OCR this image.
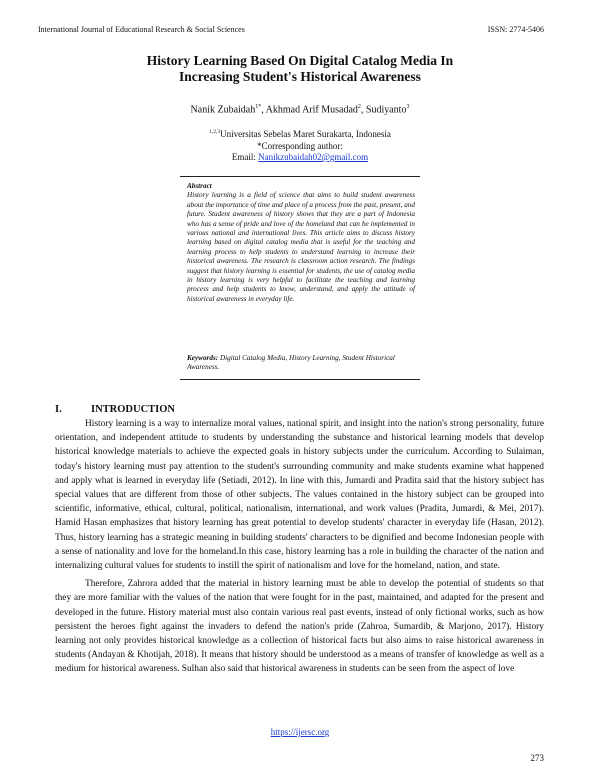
International Journal of Educational Research & Social Sciences	ISSN: 2774-5406
History Learning Based On Digital Catalog Media In
Increasing Student's Historical Awareness
Nanik Zubaidah$^{1*}$, Akhmad Arif Musadad$^2$, Sudiyanto$^3$
$^{1,2,3}$Universitas Sebelas Maret Surakarta, Indonesia
*Corresponding author:
Email: Nanikzubaidah02@gmail.com
Abstract
History learning is a field of science that aims to build student awareness about the importance of time and place of a process from the past, present, and future. Student awareness of history shows that they are a part of Indonesia who has a sense of pride and love of the homeland that can be implemented in various national and international lives. This article aims to discuss history learning based on digital catalog media that is useful for the teaching and learning process to help students to understand learning to increase their historical awareness. The research is classroom action research. The findings suggest that history learning is essential for students, the use of catalog media in history learning is very helpful to facilitate the teaching and learning process and help students to know, understand, and apply the attitude of historical awareness in everyday life.
Keywords: Digital Catalog Media, History Learning, Student Historical Awareness.
I.	INTRODUCTION

History learning is a way to internalize moral values, national spirit, and insight into the nation's strong personality, future orientation, and independent attitude to students by understanding the substance and historical learning models that develop historical knowledge materials to achieve the expected goals in history subjects under the curriculum. According to Sulaiman, today's history learning must pay attention to the student's surrounding community and make students examine what happened and apply what is learned in everyday life (Setiadi, 2012). In line with this, Jumardi and Pradita said that the history subject has special values that are different from those of other subjects. The values contained in the history subject can be grouped into scientific, informative, ethical, cultural, political, nationalism, international, and work values (Pradita, Jumardi, & Mei, 2017). Hamid Hasan emphasizes that history learning has great potential to develop students' character in everyday life (Hasan, 2012). Thus, history learning has a strategic meaning in building students' characters to be dignified and become Indonesian people with a sense of nationality and love for the homeland.In this case, history learning has a role in building the character of the nation and internalizing cultural values for students to instill the spirit of nationalism and love for the homeland, nation, and state.

Therefore, Zahrora added that the material in history learning must be able to develop the potential of students so that they are more familiar with the values of the nation that were fought for in the past, maintained, and adapted for the present and developed in the future. History material must also contain various real past events, instead of only fictional works, such as how persistent the heroes fight against the invaders to defend the nation's pride (Zahroa, Sumardib, & Marjono, 2017). History learning not only provides historical knowledge as a collection of historical facts but also aims to raise historical awareness in students (Andayan & Khotijah, 2018). It means that history should be understood as a means of transfer of knowledge as well as a medium for historical awareness. Sulhan also said that historical awareness in students can be seen from the aspect of love

https://ijersc.org
273
